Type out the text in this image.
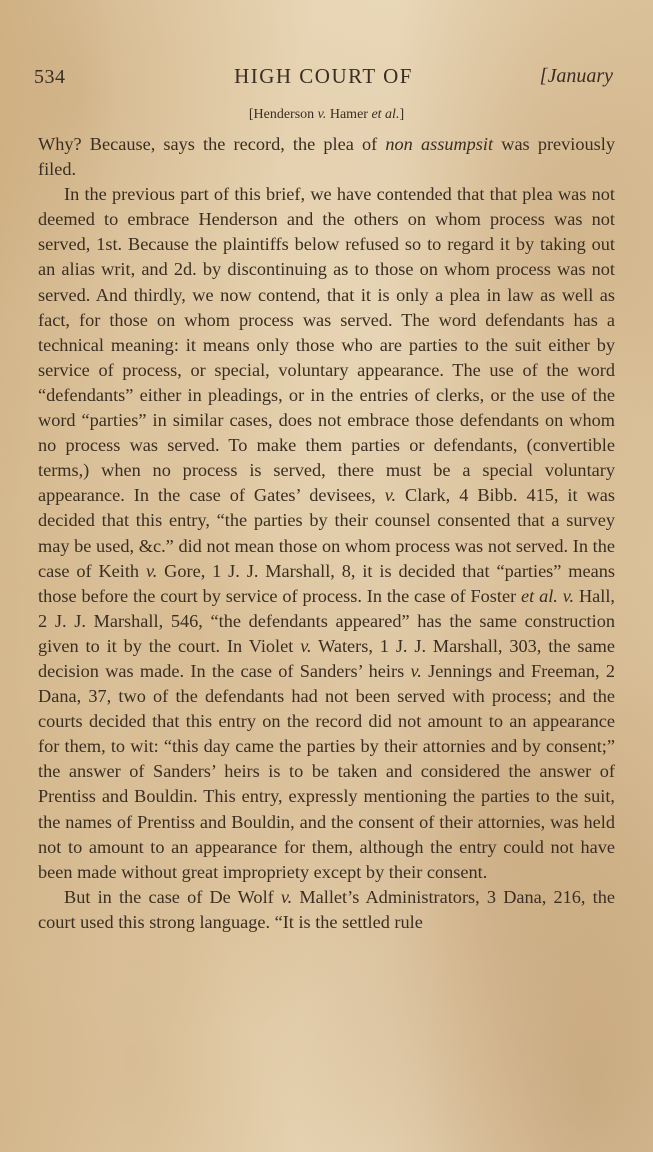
534	HIGH COURT OF	[January
[Henderson v. Hamer et al.]

Why? Because, says the record, the plea of non assumpsit was previously filed.

In the previous part of this brief, we have contended that that plea was not deemed to embrace Henderson and the others on whom process was not served, 1st. Because the plaintiffs below refused so to regard it by taking out an alias writ, and 2d. by discontinuing as to those on whom process was not served. And thirdly, we now contend, that it is only a plea in law as well as fact, for those on whom process was served. The word defendants has a technical meaning: it means only those who are parties to the suit either by service of process, or special, voluntary appearance. The use of the word “defendants” either in pleadings, or in the entries of clerks, or the use of the word “parties” in similar cases, does not embrace those defendants on whom no process was served. To make them parties or defendants, (convertible terms,) when no process is served, there must be a special voluntary appearance. In the case of Gates’ devisees, v. Clark, 4 Bibb. 415, it was decided that this entry, “the parties by their counsel consented that a survey may be used, &c.” did not mean those on whom process was not served. In the case of Keith v. Gore, 1 J. J. Marshall, 8, it is decided that “parties” means those before the court by service of process. In the case of Foster et al. v. Hall, 2 J. J. Marshall, 546, “the defendants appeared” has the same construction given to it by the court. In Violet v. Waters, 1 J. J. Marshall, 303, the same decision was made. In the case of Sanders’ heirs v. Jennings and Freeman, 2 Dana, 37, two of the defendants had not been served with process; and the courts decided that this entry on the record did not amount to an appearance for them, to wit: “this day came the parties by their attornies and by consent;” the answer of Sanders’ heirs is to be taken and considered the answer of Prentiss and Bouldin. This entry, expressly mentioning the parties to the suit, the names of Prentiss and Bouldin, and the consent of their attornies, was held not to amount to an appearance for them, although the entry could not have been made without great impropriety except by their consent.

But in the case of De Wolf v. Mallet’s Administrators, 3 Dana, 216, the court used this strong language. “It is the settled rule
